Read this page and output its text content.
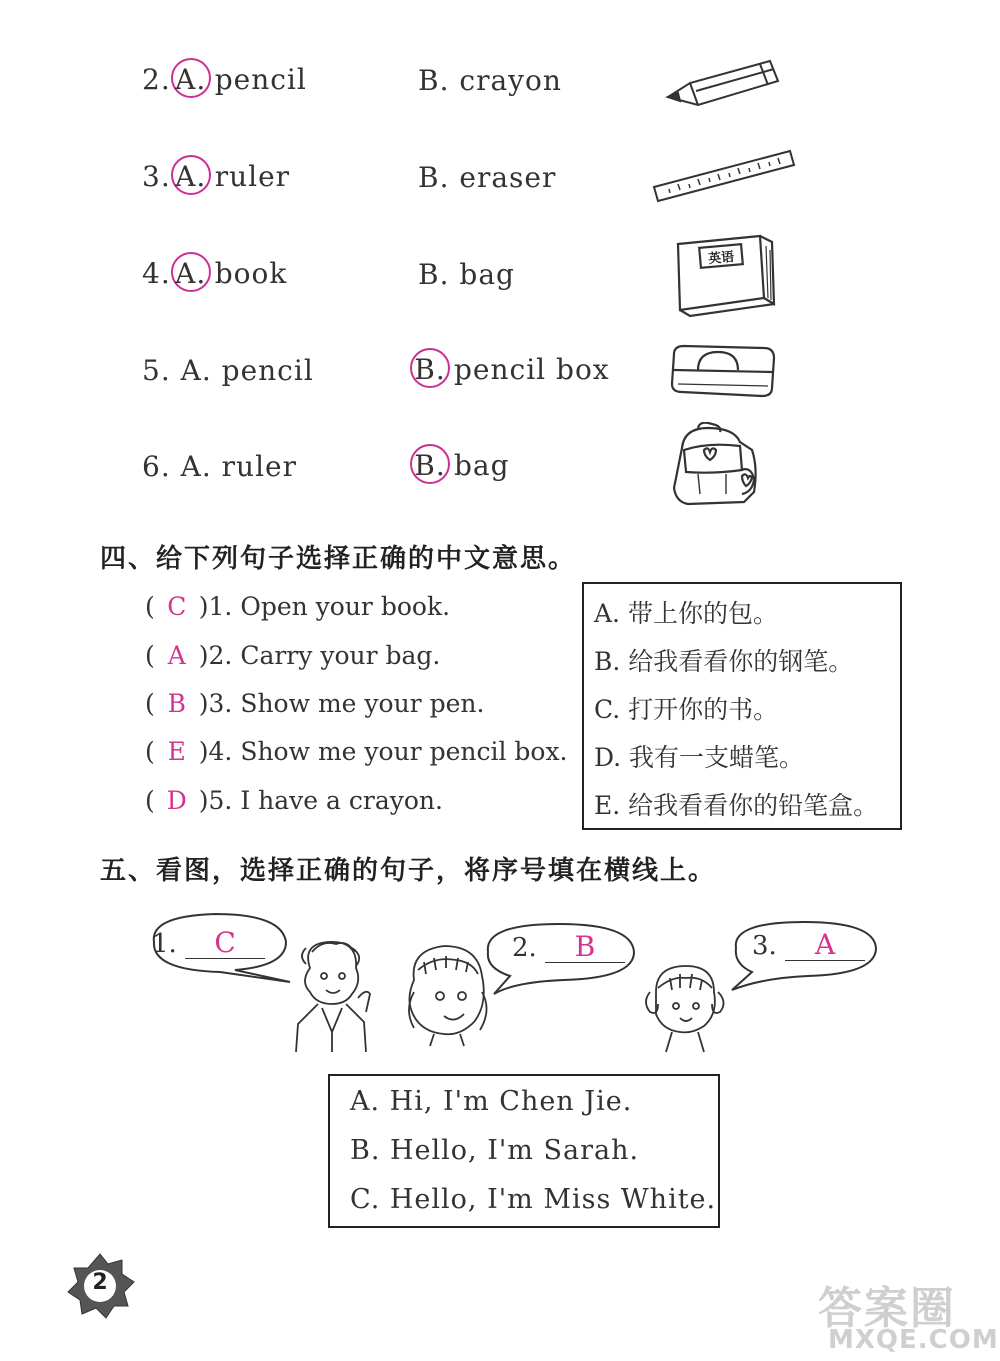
2. A. pencil	B. crayon
3. A. ruler	B. eraser
4. A. book	B. bag
5. A. pencil	B. pencil box
6. A. ruler	B. bag
英语
四、给下列句子选择正确的中文意思。
( C )1. Open your book.
( A )2. Carry your bag.
( B )3. Show me your pen.
( E )4. Show me your pencil box.
( D )5. I have a crayon.
A. 带上你的包。
B. 给我看看你的钢笔。
C. 打开你的书。
D. 我有一支蜡笔。
E. 给我看看你的铅笔盒。
五、看图，选择正确的句子，将序号填在横线上。
1. C	2. B	3. A
A. Hi, I'm Chen Jie.
B. Hello, I'm Sarah.
C. Hello, I'm Miss White.
2
答案圈
MXQE.COM
